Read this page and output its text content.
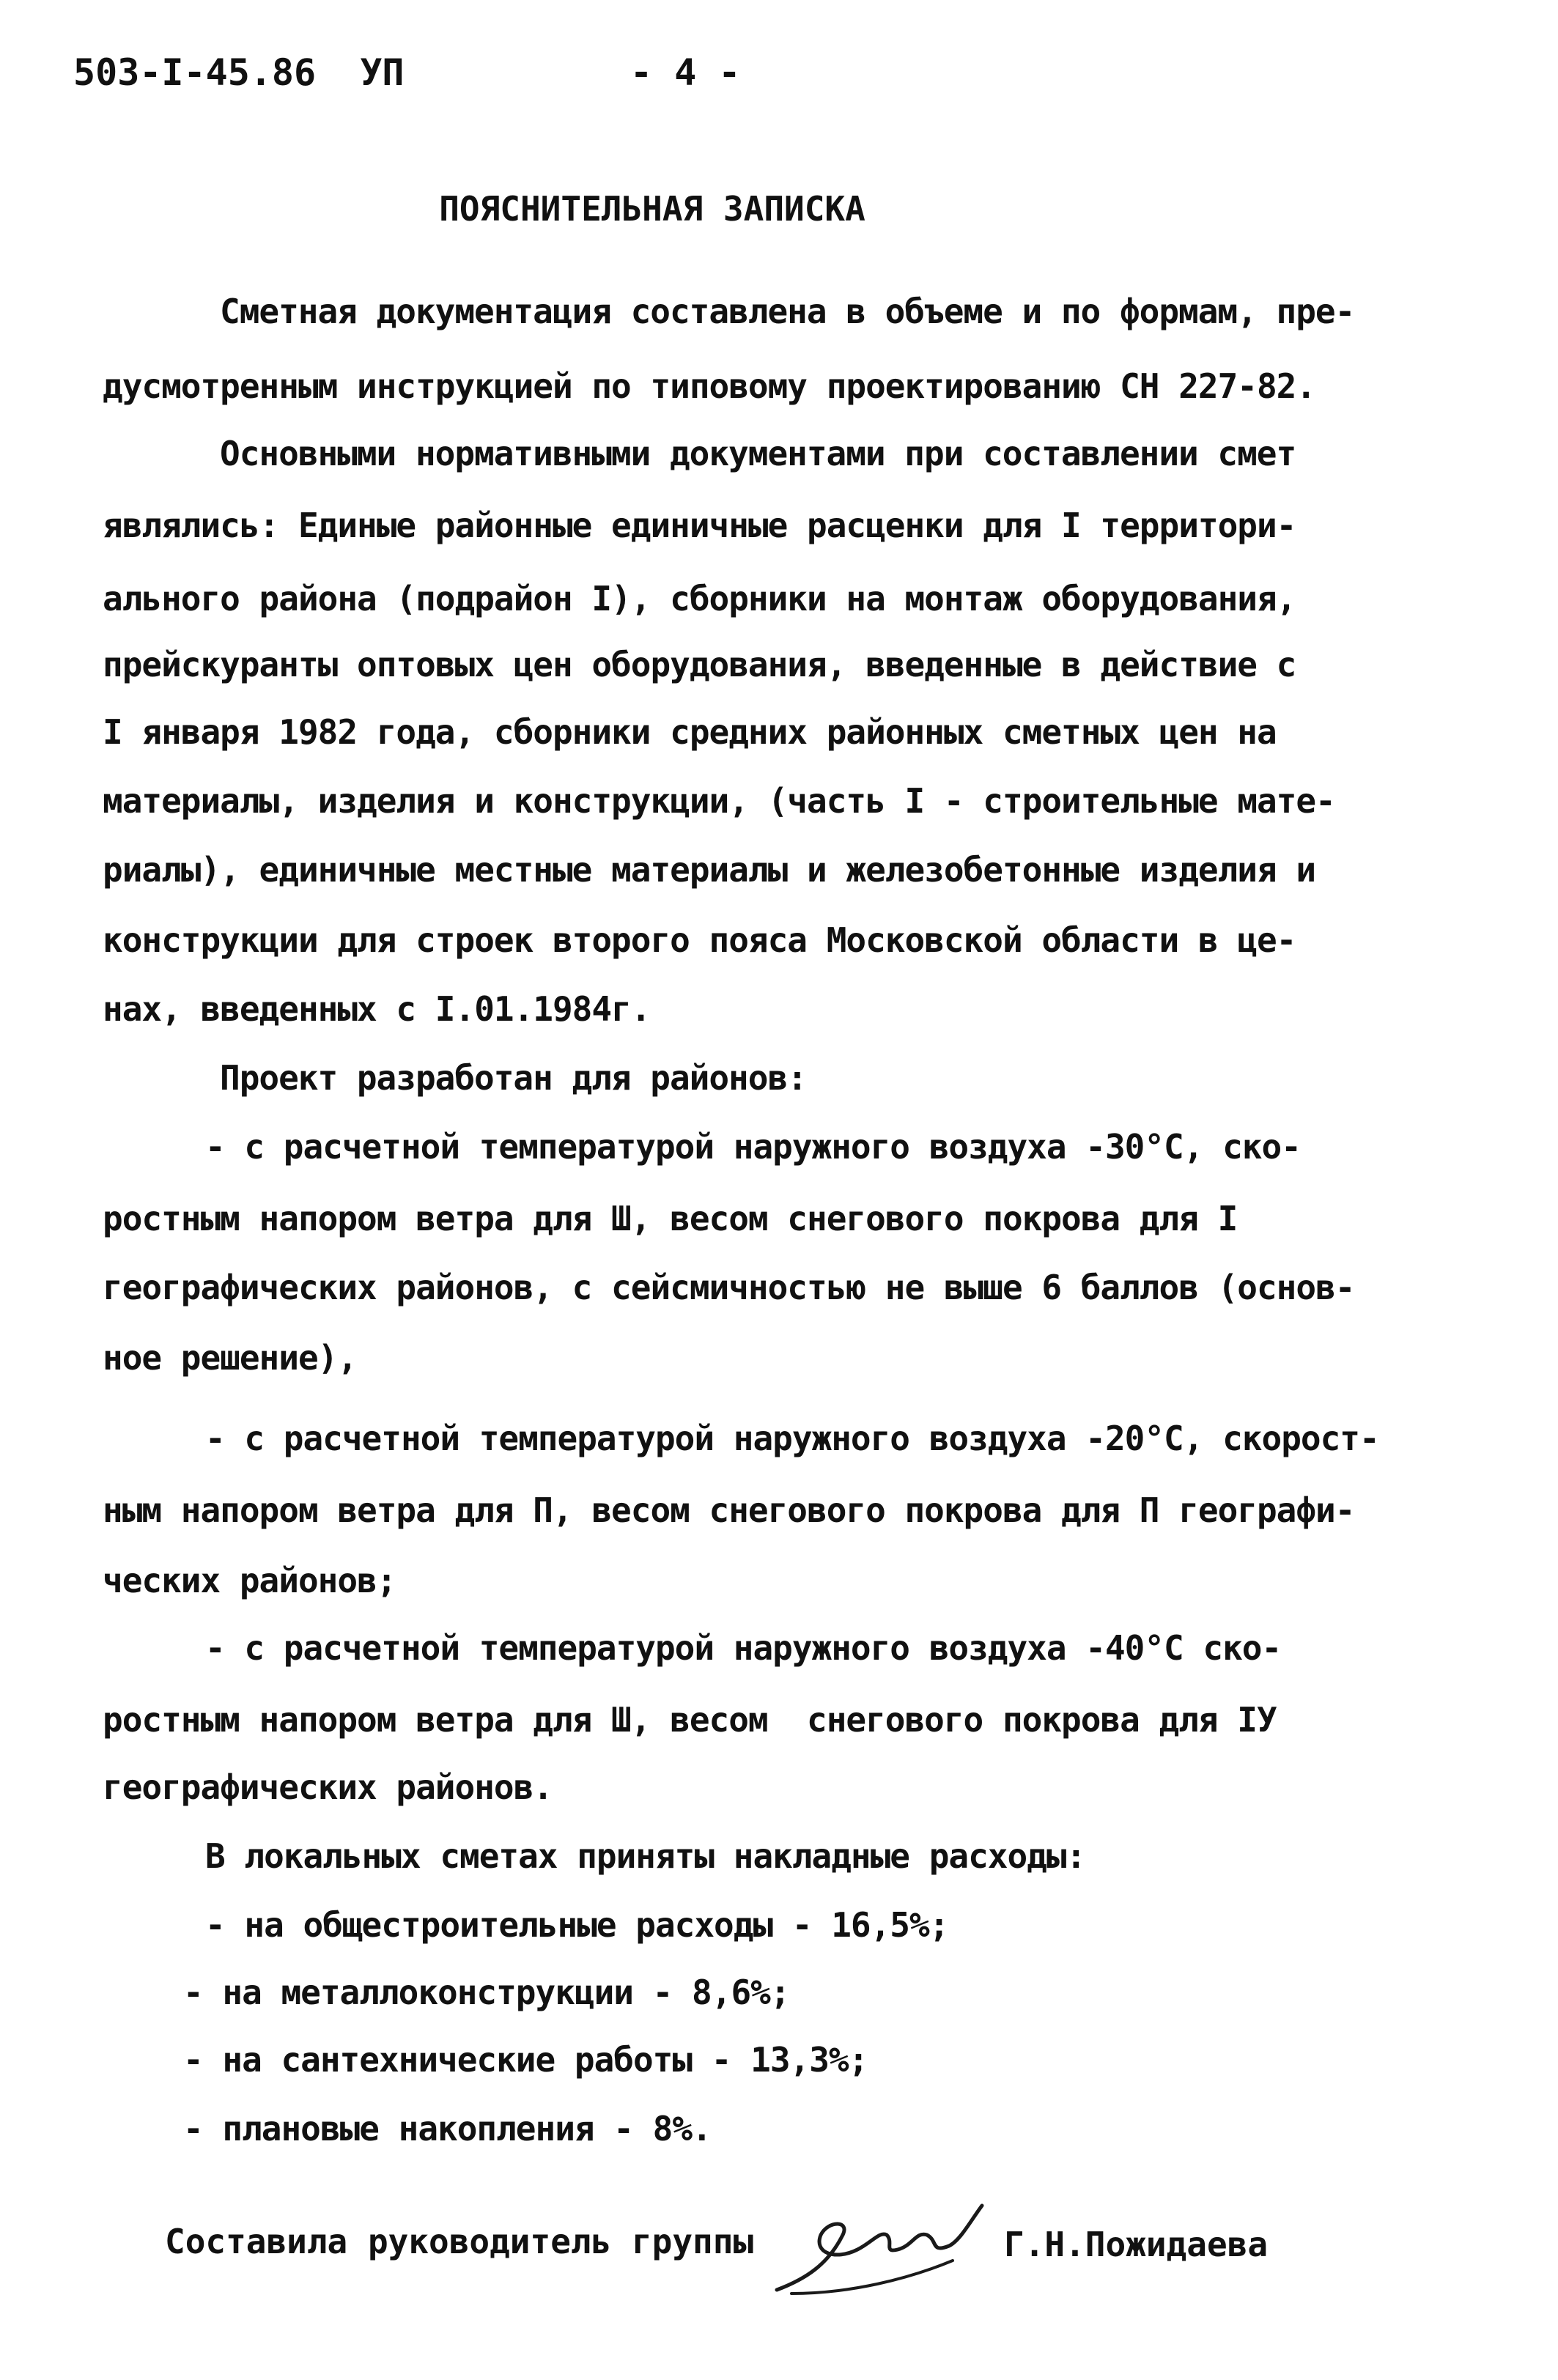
503-I-45.86  УП	- 4 -
ПОЯСНИТЕЛЬНАЯ ЗАПИСКА
Сметная документация составлена в объеме и по формам, пре-
дусмотренным инструкцией по типовому проектированию СН 227-82.
Основными нормативными документами при составлении смет
являлись: Единые районные единичные расценки для I территори-
ального района (подрайон I), сборники на монтаж оборудования,
прейскуранты оптовых цен оборудования, введенные в действие с
I января 1982 года, сборники средних районных сметных цен на
материалы, изделия и конструкции, (часть I - строительные мате-
риалы), единичные местные материалы и железобетонные изделия и
конструкции для строек второго пояса Московской области в це-
нах, введенных с I.01.1984г.
Проект разработан для районов:
- с расчетной температурой наружного воздуха -30°С, ско-
ростным напором ветра для Ш, весом снегового покрова для I
географических районов, с сейсмичностью не выше 6 баллов (основ-
ное решение),
- с расчетной температурой наружного воздуха -20°С, скорост-
ным напором ветра для П, весом снегового покрова для П географи-
ческих районов;
- с расчетной температурой наружного воздуха -40°С ско-
ростным напором ветра для Ш, весом  снегового покрова для IУ
географических районов.
В локальных сметах приняты накладные расходы:
- на общестроительные расходы - 16,5%;
- на металлоконструкции - 8,6%;
- на сантехнические работы - 13,3%;
- плановые накопления - 8%.
Составила руководитель группы	Г.Н.Пожидаева
